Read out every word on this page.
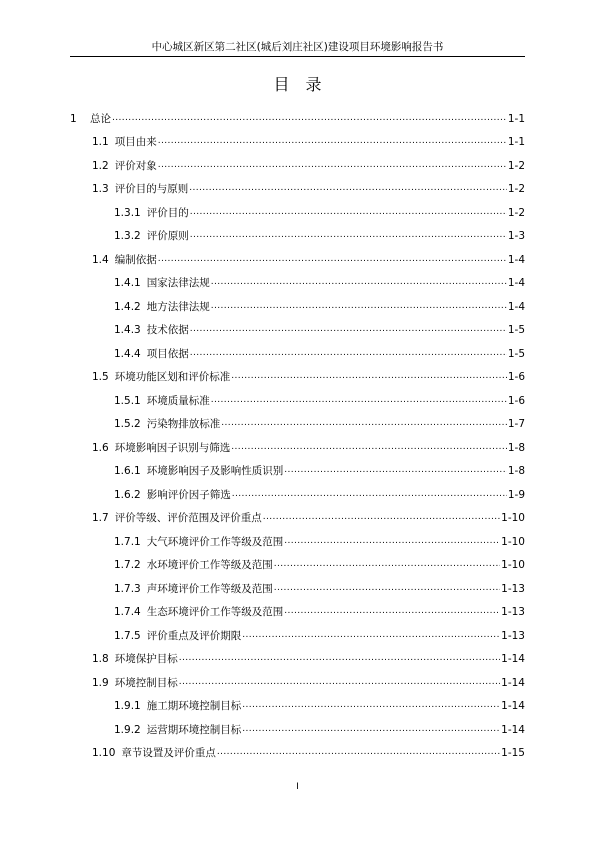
中心城区新区第二社区(城后刘庄社区)建设项目环境影响报告书
目录
1	总论 .....	1-1
1.1 项目由来 .....	1-1
1.2 评价对象 .....	1-2
1.3 评价目的与原则 .....	1-2
1.3.1 评价目的 .....	1-2
1.3.2 评价原则 .....	1-3
1.4 编制依据 .....	1-4
1.4.1 国家法律法规 .....	1-4
1.4.2 地方法律法规 .....	1-4
1.4.3 技术依据 .....	1-5
1.4.4 项目依据 .....	1-5
1.5 环境功能区划和评价标准 .....	1-6
1.5.1 环境质量标准 .....	1-6
1.5.2 污染物排放标准 .....	1-7
1.6 环境影响因子识别与筛选 .....	1-8
1.6.1 环境影响因子及影响性质识别 .....	1-8
1.6.2 影响评价因子筛选 .....	1-9
1.7 评价等级、评价范围及评价重点 .....	1-10
1.7.1 大气环境评价工作等级及范围 .....	1-10
1.7.2 水环境评价工作等级及范围 .....	1-10
1.7.3 声环境评价工作等级及范围 .....	1-13
1.7.4 生态环境评价工作等级及范围 .....	1-13
1.7.5 评价重点及评价期限 .....	1-13
1.8 环境保护目标 .....	1-14
1.9 环境控制目标 .....	1-14
1.9.1 施工期环境控制目标 .....	1-14
1.9.2 运营期环境控制目标 .....	1-14
1.10 章节设置及评价重点 .....	1-15
I
